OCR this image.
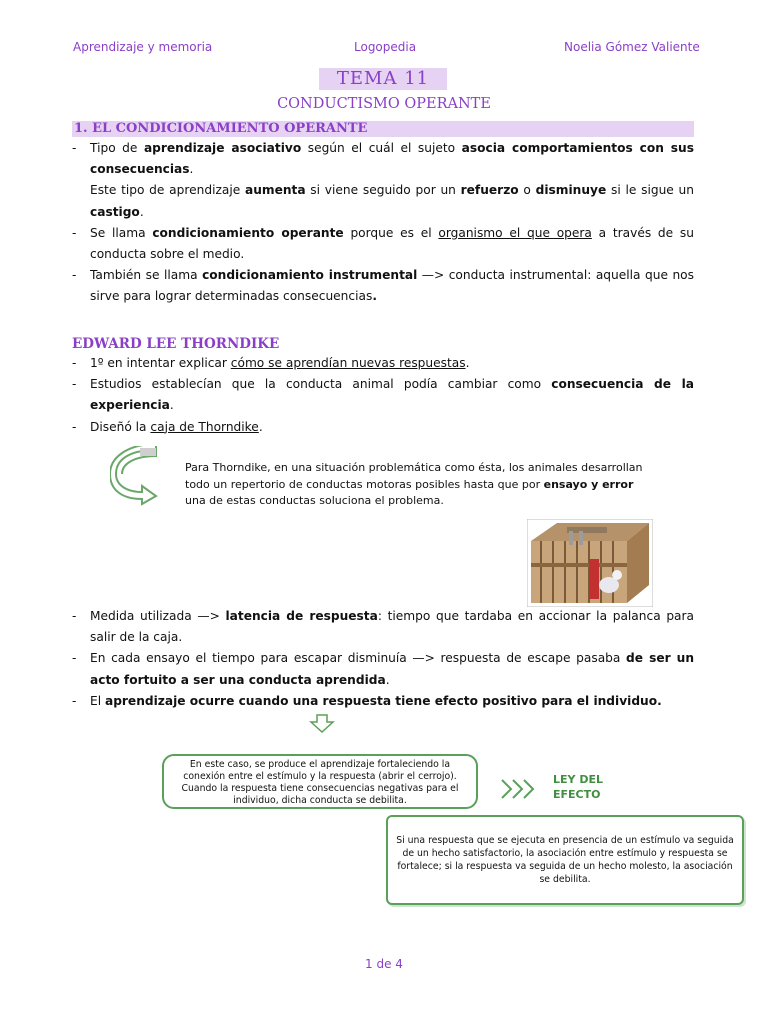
Aprendizaje y memoria	Logopedia	Noelia Gómez Valiente
TEMA 11
CONDUCTISMO OPERANTE
1. EL CONDICIONAMIENTO OPERANTE
- Tipo de aprendizaje asociativo según el cuál el sujeto asocia comportamientos con sus consecuencias.
Este tipo de aprendizaje aumenta si viene seguido por un refuerzo o disminuye si le sigue un castigo.
- Se llama condicionamiento operante porque es el organismo el que opera a través de su conducta sobre el medio.
- También se llama condicionamiento instrumental —> conducta instrumental: aquella que nos sirve para lograr determinadas consecuencias.
EDWARD LEE THORNDIKE
- 1º en intentar explicar cómo se aprendían nuevas respuestas.
- Estudios establecían que la conducta animal podía cambiar como consecuencia de la experiencia.
- Diseñó la caja de Thorndike.
Para Thorndike, en una situación problemática como ésta, los animales desarrollan todo un repertorio de conductas motoras posibles hasta que por ensayo y error una de estas conductas soluciona el problema.
- Medida utilizada —> latencia de respuesta: tiempo que tardaba en accionar la palanca para salir de la caja.
- En cada ensayo el tiempo para escapar disminuía —> respuesta de escape pasaba de ser un acto fortuito a ser una conducta aprendida.
- El aprendizaje ocurre cuando una respuesta tiene efecto positivo para el individuo.
En este caso, se produce el aprendizaje fortaleciendo la conexión entre el estímulo y la respuesta (abrir el cerrojo). Cuando la respuesta tiene consecuencias negativas para el individuo, dicha conducta se debilita.
LEY DEL
EFECTO
Si una respuesta que se ejecuta en presencia de un estímulo va seguida de un hecho satisfactorio, la asociación entre estímulo y respuesta se fortalece; si la respuesta va seguida de un hecho molesto, la asociación se debilita.
1 de 4
